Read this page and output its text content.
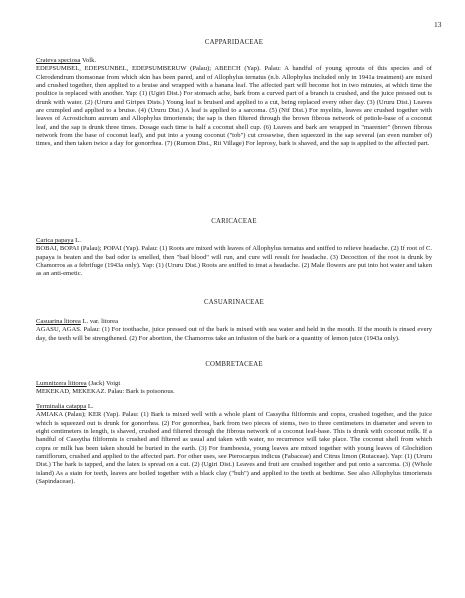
13
CAPPARIDACEAE

Crateva speciosa Volk.

EDEPSUMBEL, EDEPSUNBEL, EDEPSUMBERUW (Palau); ABEECH (Yap). Palau: A handful of young sprouts of this species and of Clerodendrum thomsonae from which skin has been pared, and of Allophylus ternatus (n.b. Allophylus included only in 1941a treatment) are mixed and crushed together, then applied to a bruise and wrapped with a banana leaf. The affected part will become hot in two minutes, at which time the poultice is replaced with another. Yap: (1) (Ugiri Dist.) For stomach ache, bark from a curved part of a branch is crushed, and the juice pressed out is drunk with water. (2) (Ururu and Giripes Dists.) Young leaf is bruised and applied to a cut, being replaced every other day. (3) (Ururu Dist.) Leaves are crumpled and applied to a bruise. (4) (Ururu Dist.) A leaf is applied to a sarcoma. (5) (Nif Dist.) For myelitis, leaves are crushed together with leaves of Acrostichum aureum and Allophylus timoriensis; the sap is then filtered through the brown fibrous network of petiole-base of a coconut leaf, and the sap is drunk three times. Dosage each time is half a coconut shell cup. (6) Leaves and bark are wrapped in "marenier" (brown fibrous network from the base of coconut leaf), and put into a young coconut ("tob") cut crosswise, then squeezed in the sap several (an even number of) times, and then taken twice a day for gonorrhea. (7) (Rumon Dist., Rii Village) For leprosy, bark is shaved, and the sap is applied to the affected part.

CARICACEAE

Carica papaya L.

BOBAI, BOPAI (Palau); POPAI (Yap). Palau: (1) Roots are mixed with leaves of Allophylus ternatus and sniffed to relieve headache. (2) If root of C. papaya is beaten and the bad odor is smelled, then "bad blood" will run, and cure will result for headache. (3) Decoction of the root is drunk by Chamorros as a febrifuge (1943a only). Yap: (1) (Ururu Dist.) Roots are sniffed to treat a headache. (2) Male flowers are put into hot water and taken as an anti-emetic.

CASUARINACEAE

Casuarina litorea L. var. litorea

AGASU, AGAS. Palau: (1) For toothache, juice pressed out of the bark is mixed with sea water and held in the mouth. If the mouth is rinsed every day, the teeth will be strengthened. (2) For abortion, the Chamorros take an infusion of the bark or a quantity of lemon juice (1943a only).

COMBRETACEAE

Lumnitzera littorea (Jack) Voigt

MEKEKAD, MEKEKAZ. Palau: Bark is poisonous.

Terminalia catappa L.

AMIAKA (Palau); KER (Yap). Palau: (1) Bark is mixed well with a whole plant of Cassytha filiformis and copra, crushed together, and the juice which is squeezed out is drunk for gonorrhea. (2) For gonorrhea, bark from two pieces of stems, two to three centimeters in diameter and seven to eight centimeters in length, is shaved, crushed and filtered through the fibrous network of a coconut leaf-base. This is drunk with coconut milk. If a handful of Cassytha filiformis is crushed and filtered as usual and taken with water, no recurrence will take place. The coconut shell from which copra or milk has been taken should be buried in the earth. (3) For framboesia, young leaves are mixed together with young leaves of Glochidion ramiflorum, crushed and applied to the affected part. For other uses, see Pterocarpus indicus (Fabaceae) and Citrus limon (Rutaceae). Yap: (1) (Ururu Dist.) The bark is tapped, and the latex is spread on a cut. (2) (Ugiri Dist.) Leaves and fruit are crushed together and put onto a sarcoma. (3) (Whole island) As a stain for teeth, leaves are boiled together with a black clay ("buh") and applied to the teeth at bedtime. See also Allophylus timoriensis (Sapindaceae).
